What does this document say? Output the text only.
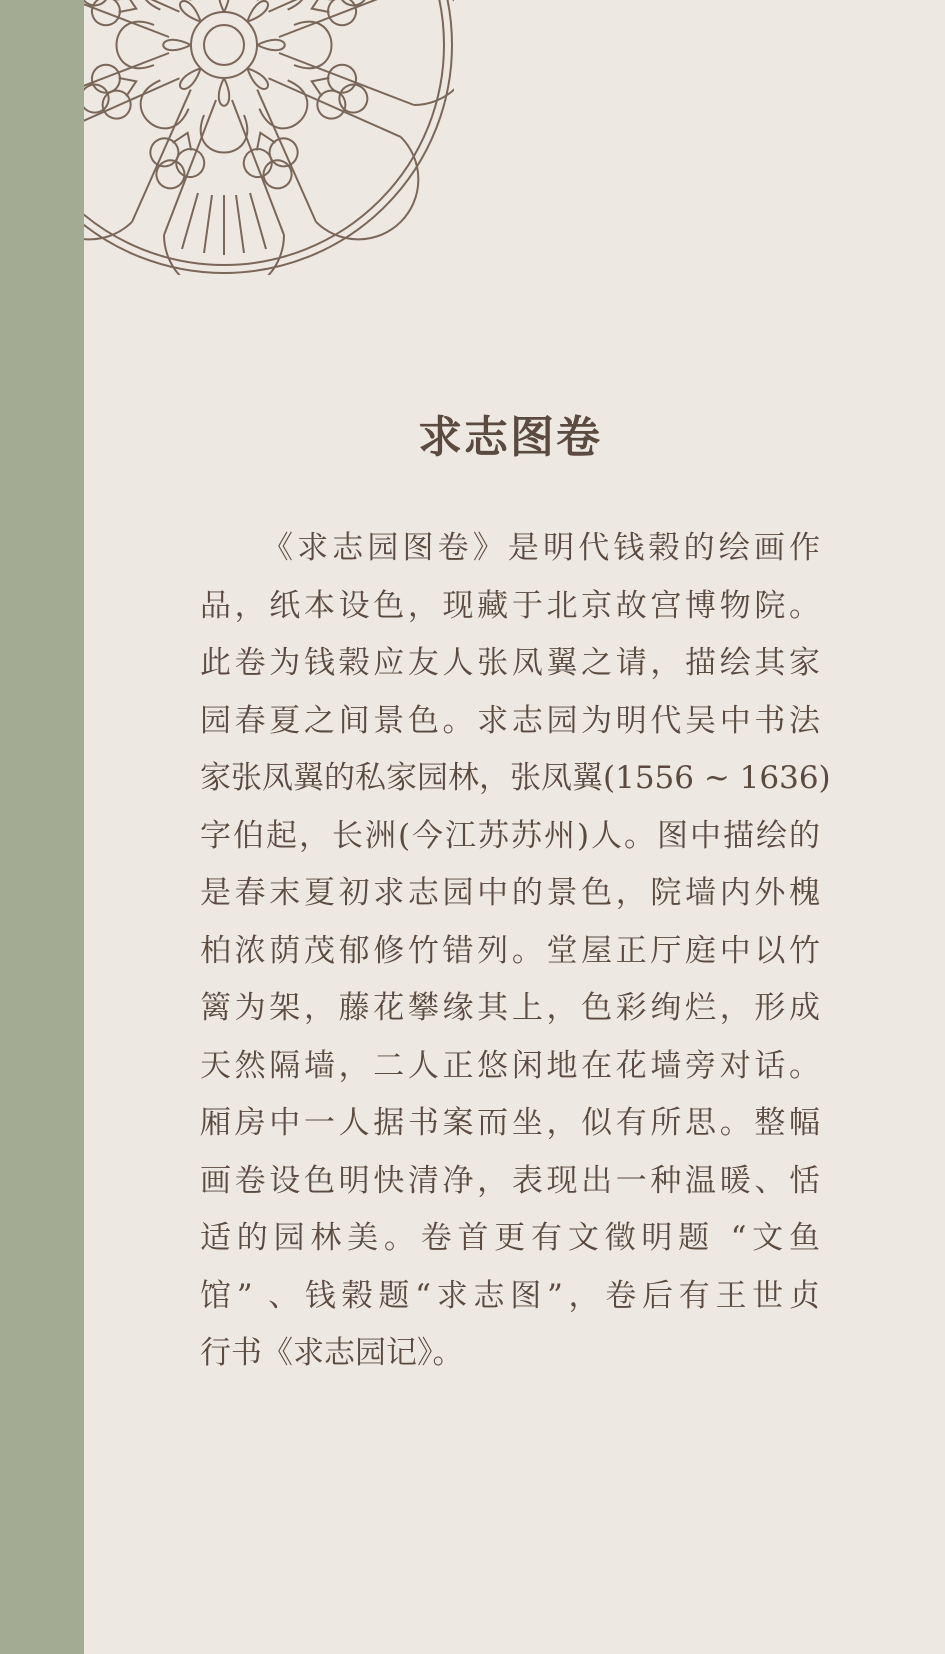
求志图卷
《求志园图卷》是明代钱榖的绘画作
品，纸本设色，现藏于北京故宫博物院。
此卷为钱榖应友人张凤翼之请，描绘其家
园春夏之间景色。求志园为明代吴中书法
家张凤翼的私家园林，张凤翼(1556 ~ 1636)
字伯起，长洲(今江苏苏州)人。图中描绘的
是春末夏初求志园中的景色，院墙内外槐
柏浓荫茂郁修竹错列。堂屋正厅庭中以竹
篱为架，藤花攀缘其上，色彩绚烂，形成
天然隔墙，二人正悠闲地在花墙旁对话。
厢房中一人据书案而坐，似有所思。整幅
画卷设色明快清净，表现出一种温暖、恬
适的园林美。卷首更有文徵明题 “文鱼
馆” 、钱榖题“求志图”，卷后有王世贞
行书《求志园记》。
